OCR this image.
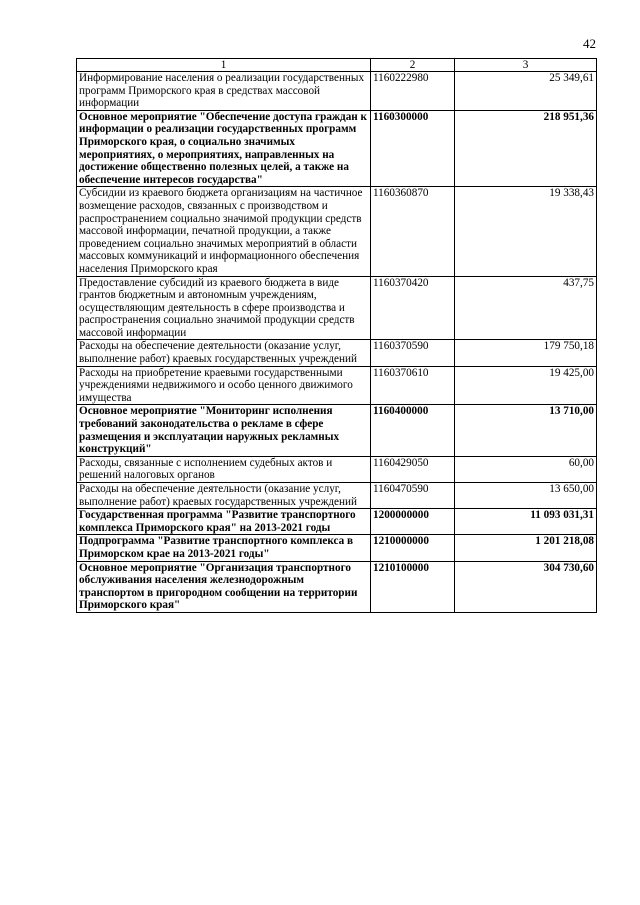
42
1	2	3
Информирование населения о реализации государственных программ Приморского края в средствах массовой информации	1160222980	25 349,61
Основное мероприятие "Обеспечение доступа граждан к информации о реализации государственных программ Приморского края, о социально значимых мероприятиях, о мероприятиях, направленных на достижение общественно полезных целей, а также на обеспечение интересов государства"	1160300000	218 951,36
Субсидии из краевого бюджета организациям на частичное возмещение расходов, связанных с производством и распространением социально значимой продукции средств массовой информации, печатной продукции, а также проведением социально значимых мероприятий в области массовых коммуникаций и информационного обеспечения населения Приморского края	1160360870	19 338,43
Предоставление субсидий из краевого бюджета в виде грантов бюджетным и автономным учреждениям, осуществляющим деятельность в сфере производства и распространения социально значимой продукции средств массовой информации	1160370420	437,75
Расходы на обеспечение деятельности (оказание услуг, выполнение работ) краевых государственных учреждений	1160370590	179 750,18
Расходы на приобретение краевыми государственными учреждениями недвижимого и особо ценного движимого имущества	1160370610	19 425,00
Основное мероприятие "Мониторинг исполнения требований законодательства о рекламе в сфере размещения и эксплуатации наружных рекламных конструкций"	1160400000	13 710,00
Расходы, связанные с исполнением судебных актов и решений налоговых органов	1160429050	60,00
Расходы на обеспечение деятельности (оказание услуг, выполнение работ) краевых государственных учреждений	1160470590	13 650,00
Государственная программа "Развитие транспортного комплекса Приморского края" на 2013-2021 годы	1200000000	11 093 031,31
Подпрограмма "Развитие транспортного комплекса в Приморском крае на 2013-2021 годы"	1210000000	1 201 218,08
Основное мероприятие "Организация транспортного обслуживания населения железнодорожным транспортом в пригородном сообщении на территории Приморского края"	1210100000	304 730,60
